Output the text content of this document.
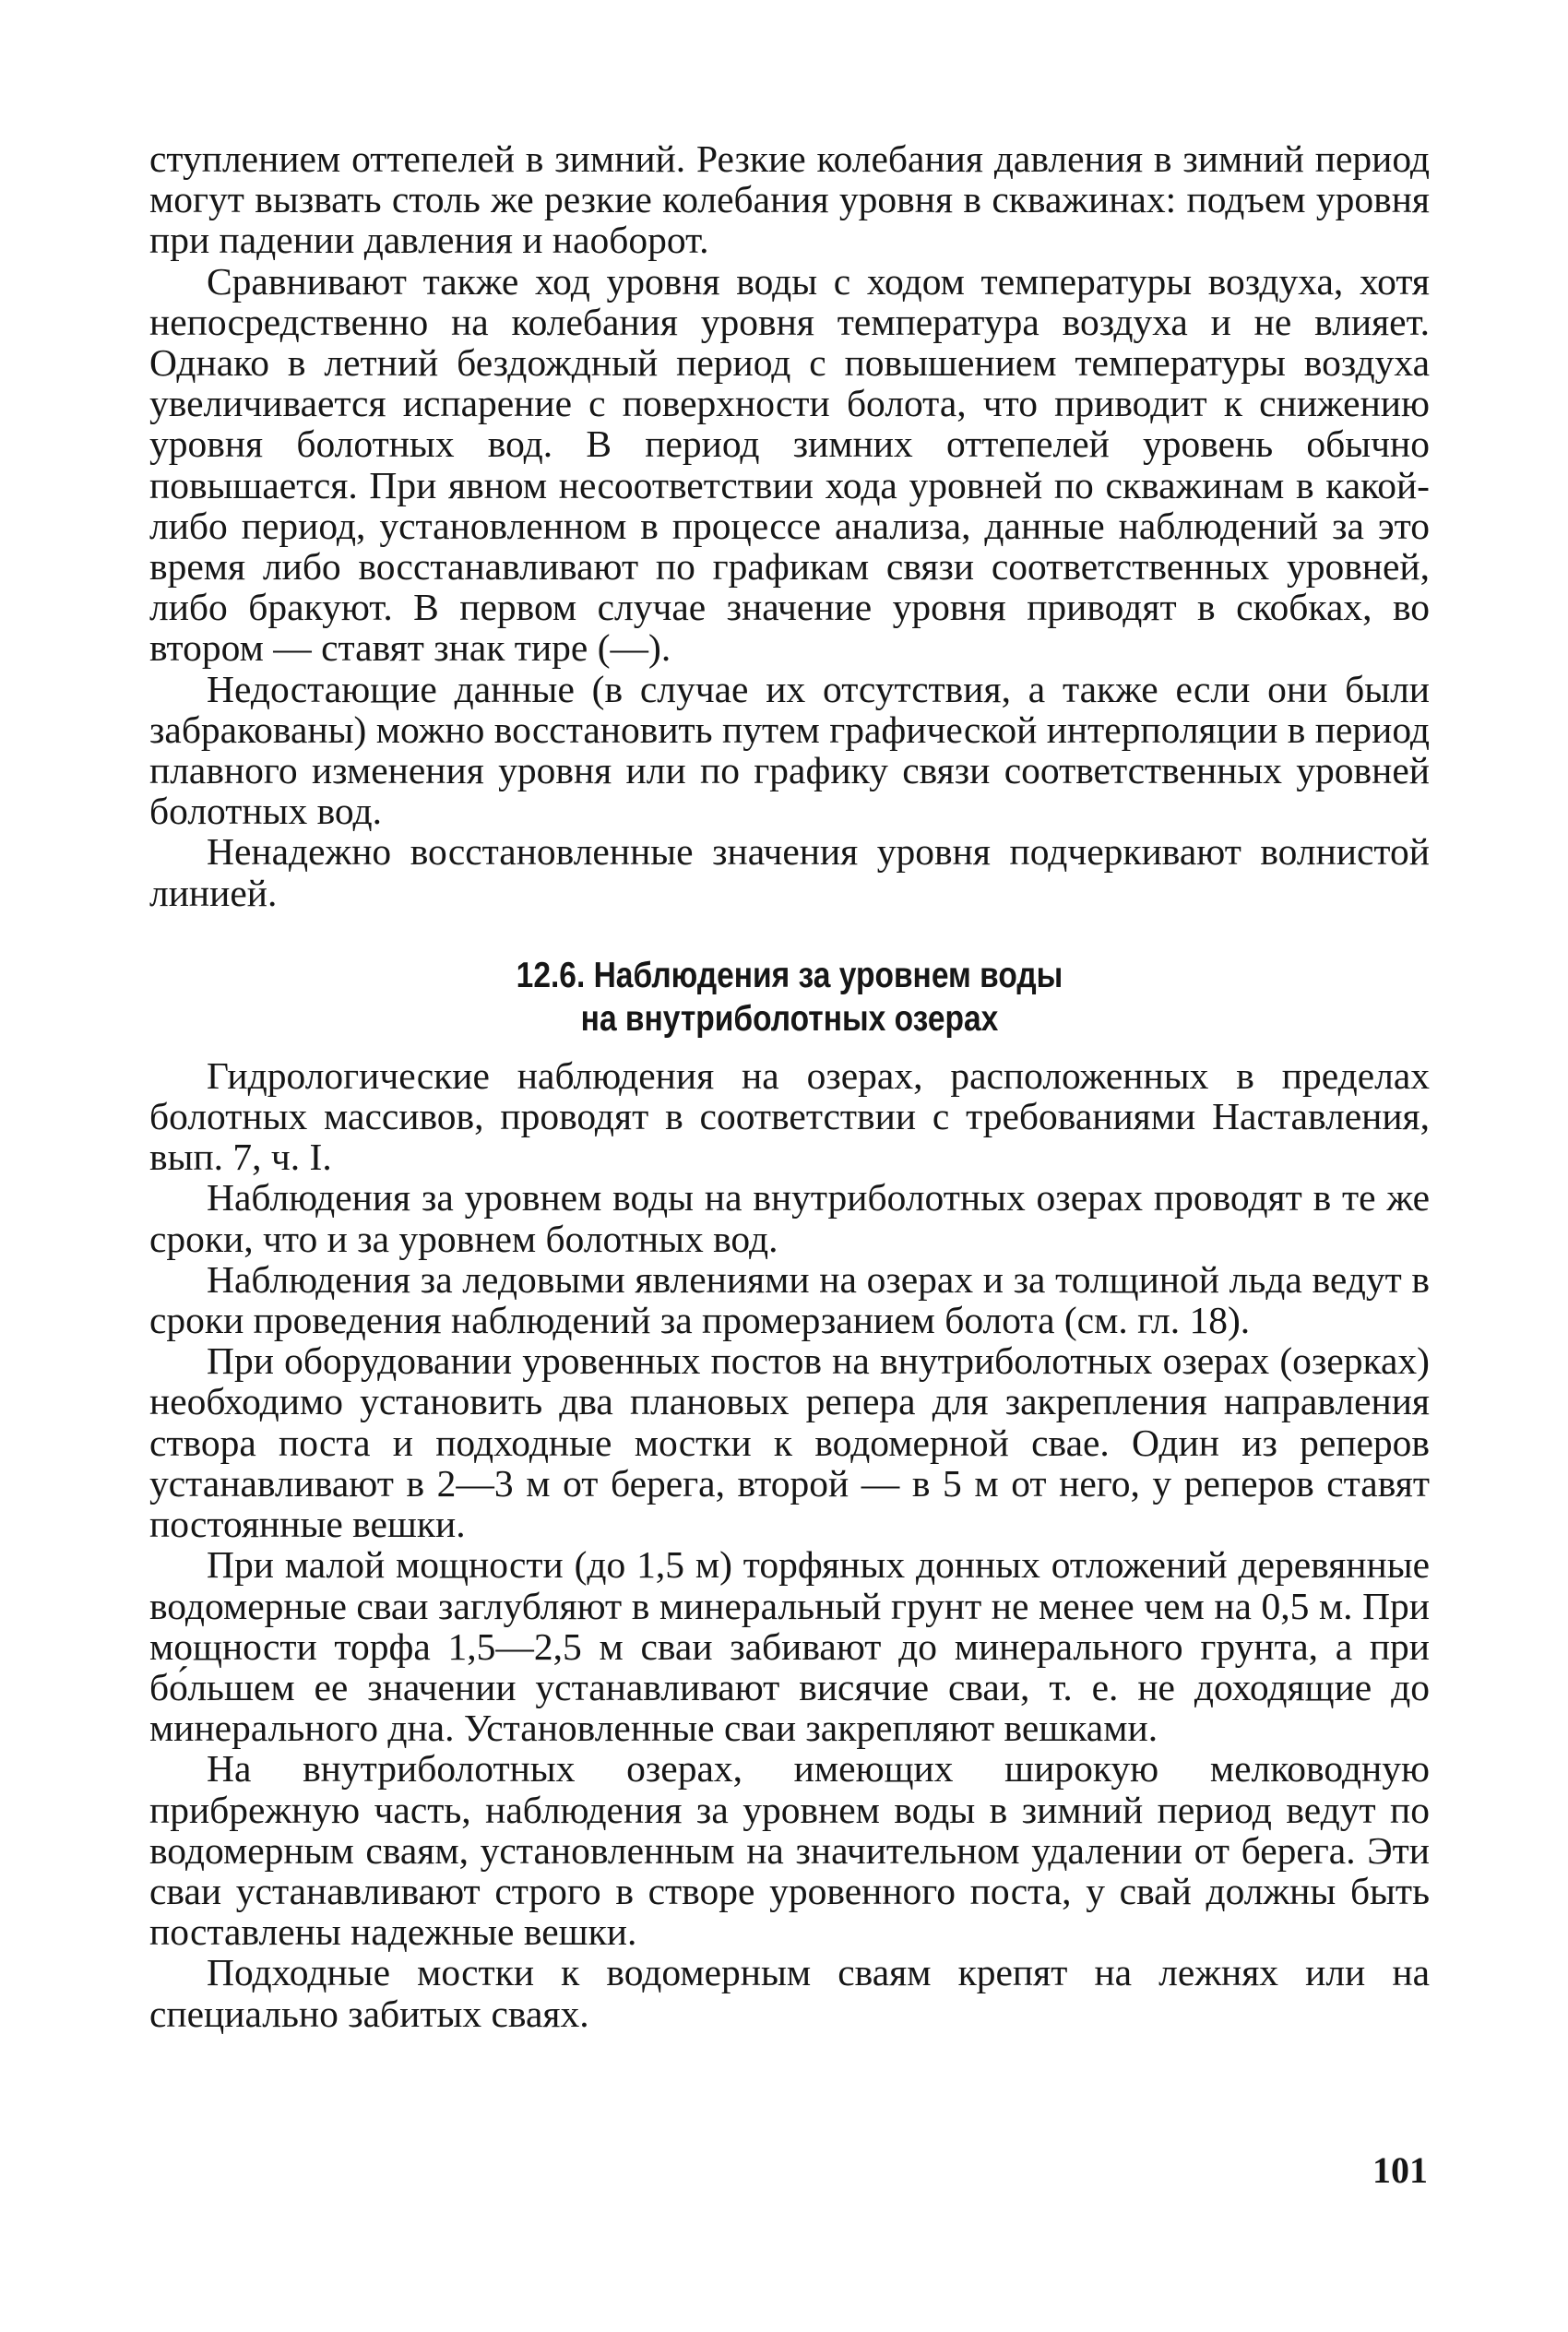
ступлением оттепелей в зимний. Резкие колебания давления в зимний период могут вызвать столь же резкие колебания уровня в скважинах: подъем уровня при падении давления и наоборот.

Сравнивают также ход уровня воды с ходом температуры воздуха, хотя непосредственно на колебания уровня температура воздуха и не влияет. Однако в летний бездождный период с повышением температуры воздуха увеличивается испарение с поверхности болота, что приводит к снижению уровня болотных вод. В период зимних оттепелей уровень обычно повышается. При явном несоответствии хода уровней по скважинам в какой-либо период, установленном в процессе анализа, данные наблюдений за это время либо восстанавливают по графикам связи соответственных уровней, либо бракуют. В первом случае значение уровня приводят в скобках, во втором — ставят знак тире (—).

Недостающие данные (в случае их отсутствия, а также если они были забракованы) можно восстановить путем графической интерполяции в период плавного изменения уровня или по графику связи соответственных уровней болотных вод.

Ненадежно восстановленные значения уровня подчеркивают волнистой линией.

12.6. Наблюдения за уровнем воды
на внутриболотных озерах

Гидрологические наблюдения на озерах, расположенных в пределах болотных массивов, проводят в соответствии с требованиями Наставления, вып. 7, ч. I.

Наблюдения за уровнем воды на внутриболотных озерах проводят в те же сроки, что и за уровнем болотных вод.

Наблюдения за ледовыми явлениями на озерах и за толщиной льда ведут в сроки проведения наблюдений за промерзанием болота (см. гл. 18).

При оборудовании уровенных постов на внутриболотных озерах (озерках) необходимо установить два плановых репера для закрепления направления створа поста и подходные мостки к водомерной свае. Один из реперов устанавливают в 2—3 м от берега, второй — в 5 м от него, у реперов ставят постоянные вешки.

При малой мощности (до 1,5 м) торфяных донных отложений деревянные водомерные сваи заглубляют в минеральный грунт не менее чем на 0,5 м. При мощности торфа 1,5—2,5 м сваи забивают до минерального грунта, а при бо́льшем ее значении устанавливают висячие сваи, т. е. не доходящие до минерального дна. Установленные сваи закрепляют вешками.

На внутриболотных озерах, имеющих широкую мелководную прибрежную часть, наблюдения за уровнем воды в зимний период ведут по водомерным сваям, установленным на значительном удалении от берега. Эти сваи устанавливают строго в створе уровенного поста, у свай должны быть поставлены надежные вешки.

Подходные мостки к водомерным сваям крепят на лежнях или на специально забитых сваях.

101
